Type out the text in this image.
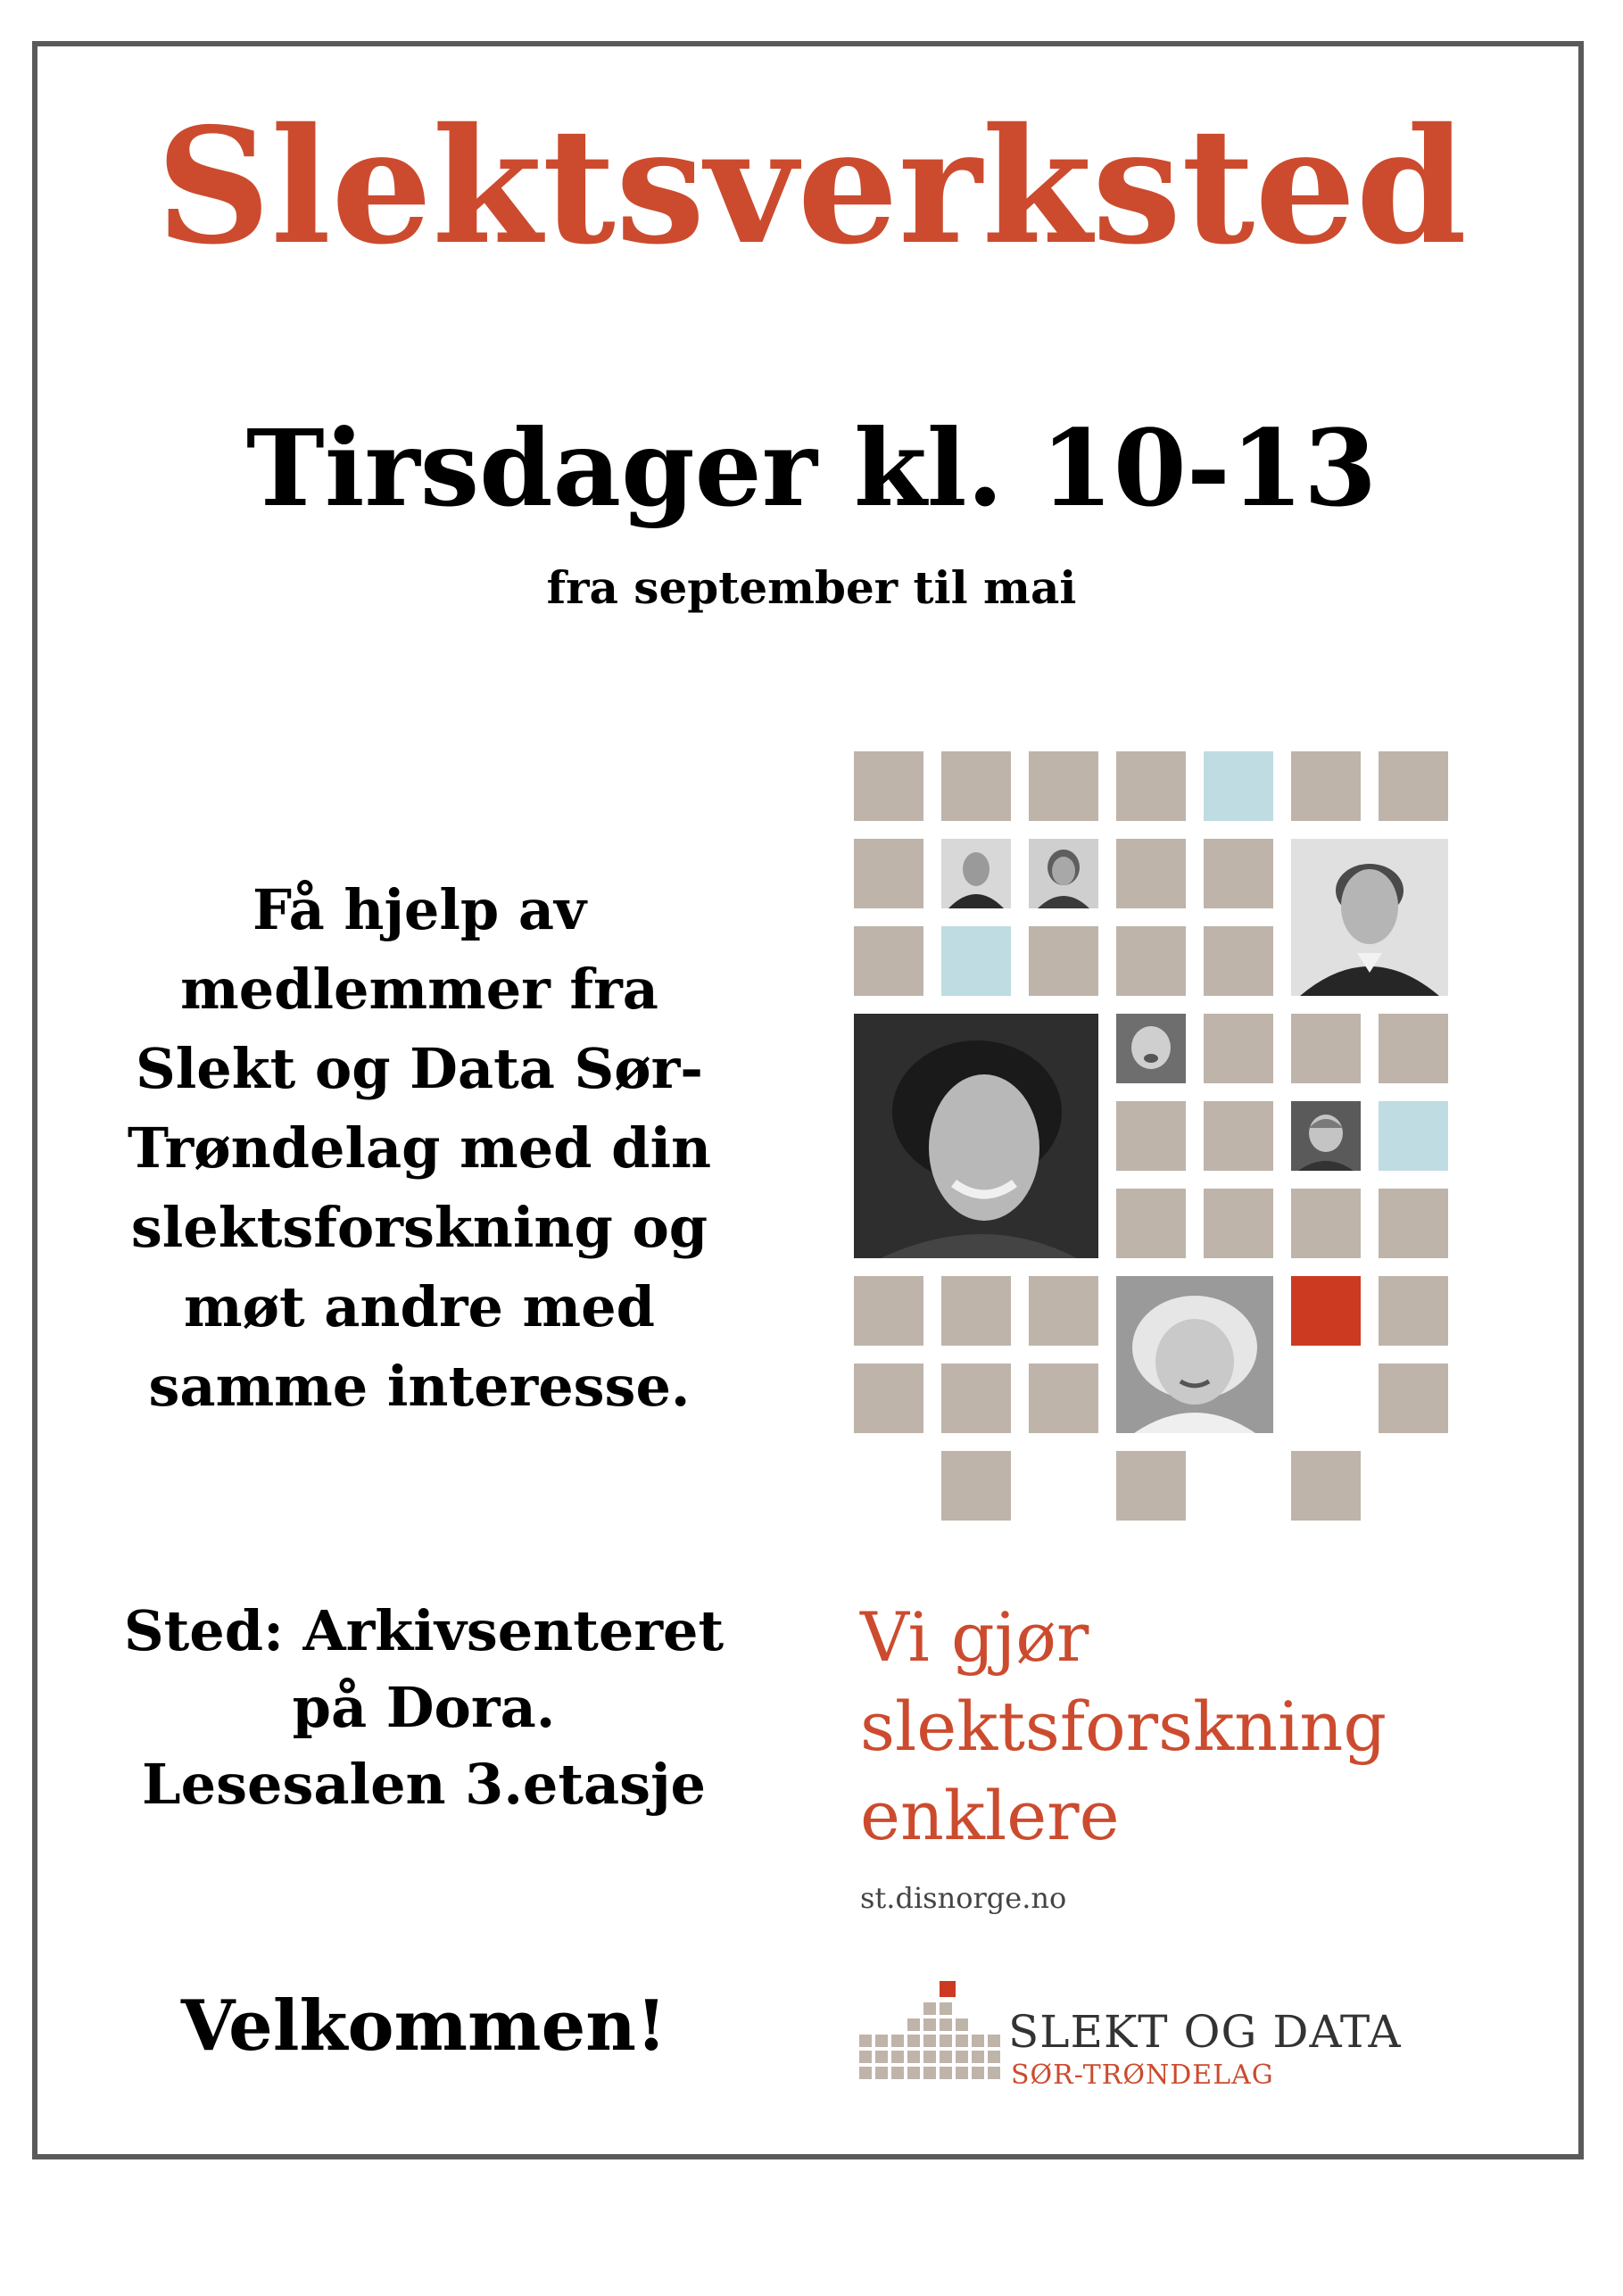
Slektsverksted
Tirsdager kl. 10-13
fra september til mai
Få hjelp av
medlemmer fra
Slekt og Data Sør-
Trøndelag med din
slektsforskning og
møt andre med
samme interesse.
Sted: Arkivsenteret
på Dora.
Lesesalen 3.etasje
Velkommen!
Vi gjør
slektsforskning
enklere
st.disnorge.no
SLEKT OG DATA
SØR-TRØNDELAG
